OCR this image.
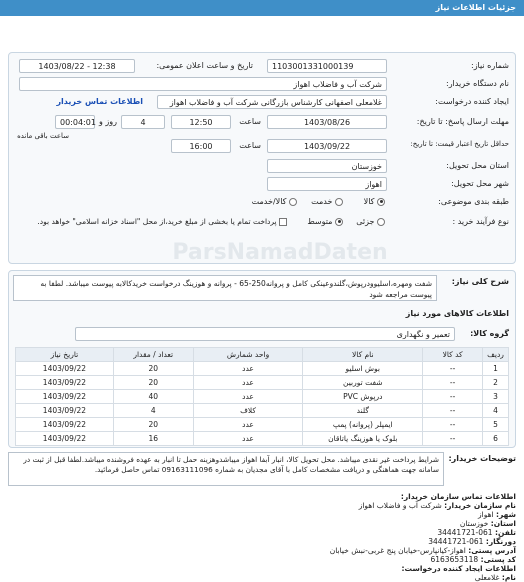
جزئیات اطلاعات نیاز
شماره نیاز:
1103001331000139
تاریخ و ساعت اعلان عمومی:
1403/08/22 - 12:38
نام دستگاه خریدار:
شرکت آب و فاضلاب اهواز
ایجاد کننده درخواست:
غلامعلی اصفهانی کارشناس بازرگانی شرکت آب و فاضلاب اهواز
اطلاعات تماس خریدار
مهلت ارسال پاسخ: تا تاریخ:
1403/08/26
ساعت
12:50
4
روز و
00:04:01
ساعت باقی مانده
حداقل تاریخ اعتبار قیمت: تا تاریخ:
1403/09/22
ساعت
16:00
استان محل تحویل:
خوزستان
شهر محل تحویل:
اهواز
طبقه بندی موضوعی:
کالا
خدمت
کالا/خدمت
نوع فرآیند خرید :
جزئی
متوسط
پرداخت تمام یا بخشی از مبلغ خرید،از محل "اسناد خزانه اسلامی" خواهد بود.
شرح کلی نیاز:
شفت ومهره،اسلیوودرپوش،گلندوعینکی کامل و پروانه250-65 - پروانه و هوزینگ درخواست خریدکالابه پیوست میباشد. لطفا به پیوست مراجعه شود
اطلاعات کالاهای مورد نیاز
گروه کالا:
تعمیر و نگهداری
ردیف	کد کالا	نام کالا	واحد شمارش	تعداد / مقدار	تاریخ نیاز
1	--	بوش اسلیو	عدد	20	1403/09/22
2	--	شفت توربین	عدد	20	1403/09/22
3	--	درپوش PVC	عدد	40	1403/09/22
4	--	گلند	کلاف	4	1403/09/22
5	--	ایمپلر (پروانه) پمپ	عدد	20	1403/09/22
6	--	بلوک یا هوزینگ یاتاقان	عدد	16	1403/09/22
توضیحات خریدار:
شرایط پرداخت غیر نقدی میباشد. محل تحویل کالا، انبار آبفا اهواز میباشدوهزینه حمل تا انبار به عهده فروشنده میباشد.لطفا قبل از ثبت در سامانه جهت هماهنگی و دریافت مشخصات کامل با آقای مجدیان به شماره 09163111096 تماس حاصل فرمائید.
اطلاعات تماس سازمان خریدار:
نام سازمان خریدار: شرکت آب و فاضلاب اهواز
شهر: اهواز
استان: خوزستان
تلفن: 061-34441721
دورنگار: 061-34441721
آدرس پستی: اهواز-کیانپارس-خیابان پنج غربی-نبش خیابان
کد پستی: 6163653118
اطلاعات ایجاد کننده درخواست:
نام: غلامعلی
ParsNamadDaten
